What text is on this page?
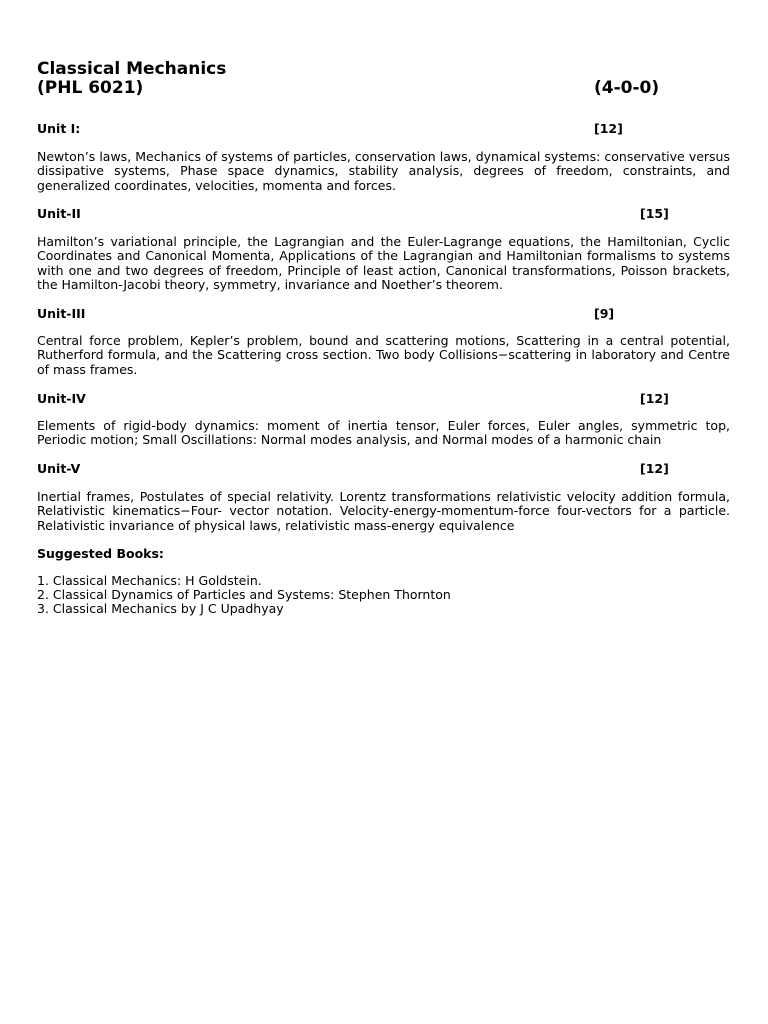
Classical Mechanics
(PHL 6021)	(4-0-0)
Unit I:	[12]
Newton’s laws, Mechanics of systems of particles, conservation laws, dynamical systems: conservative versus dissipative systems, Phase space dynamics, stability analysis, degrees of freedom, constraints, and generalized coordinates, velocities, momenta and forces.
Unit-II	[15]
Hamilton’s variational principle, the Lagrangian and the Euler-Lagrange equations, the Hamiltonian, Cyclic Coordinates and Canonical Momenta, Applications of the Lagrangian and Hamiltonian formalisms to systems with one and two degrees of freedom, Principle of least action, Canonical transformations, Poisson brackets, the Hamilton-Jacobi theory, symmetry, invariance and Noether’s theorem.
Unit-III	[9]
Central force problem, Kepler’s problem, bound and scattering motions, Scattering in a central potential, Rutherford formula, and the Scattering cross section. Two body Collisions−scattering in laboratory and Centre of mass frames.
Unit-IV	[12]
Elements of rigid-body dynamics: moment of inertia tensor, Euler forces, Euler angles, symmetric top, Periodic motion; Small Oscillations: Normal modes analysis, and Normal modes of a harmonic chain
Unit-V	[12]
Inertial frames, Postulates of special relativity. Lorentz transformations relativistic velocity addition formula, Relativistic kinematics−Four- vector notation. Velocity-energy-momentum-force four-vectors for a particle. Relativistic invariance of physical laws, relativistic mass-energy equivalence
Suggested Books:
1. Classical Mechanics: H Goldstein.
2. Classical Dynamics of Particles and Systems: Stephen Thornton
3. Classical Mechanics by J C Upadhyay
